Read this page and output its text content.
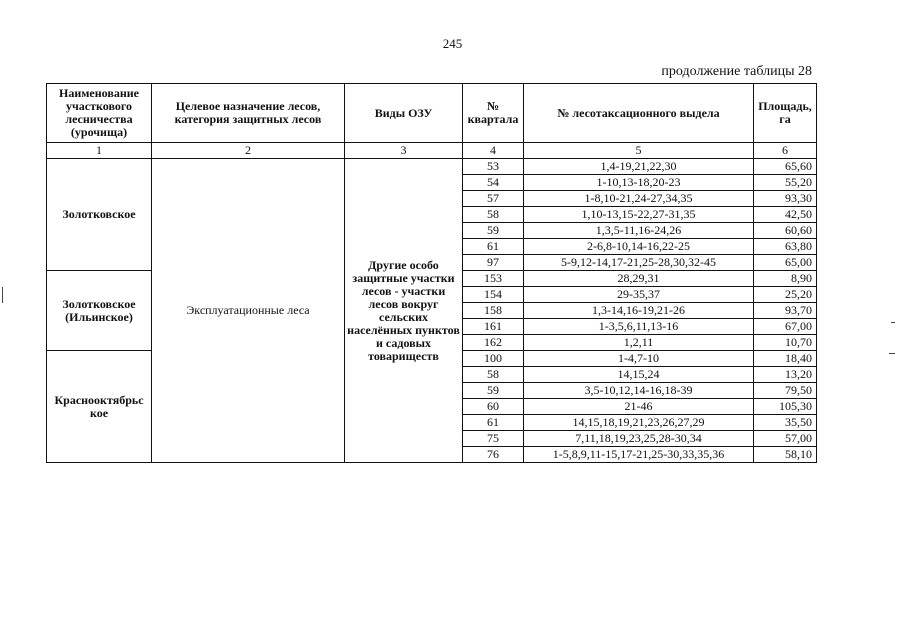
245
продолжение таблицы 28
Наименование участкового лесничества (урочища)	Целевое назначение лесов, категория защитных лесов	Виды ОЗУ	№ квартала	№ лесотаксационного выдела	Площадь, га
1	2	3	4	5	6
Золотковское	Эксплуатационные леса	Другие особо защитные участки лесов - участки лесов вокруг сельских населённых пунктов и садовых товариществ	53	1,4-19,21,22,30	65,60
			54	1-10,13-18,20-23	55,20
			57	1-8,10-21,24-27,34,35	93,30
			58	1,10-13,15-22,27-31,35	42,50
			59	1,3,5-11,16-24,26	60,60
			61	2-6,8-10,14-16,22-25	63,80
			97	5-9,12-14,17-21,25-28,30,32-45	65,00
Золотковское (Ильинское)			153	28,29,31	8,90
			154	29-35,37	25,20
			158	1,3-14,16-19,21-26	93,70
			161	1-3,5,6,11,13-16	67,00
			162	1,2,11	10,70
Краснооктябрьс кое			100	1-4,7-10	18,40
			58	14,15,24	13,20
			59	3,5-10,12,14-16,18-39	79,50
			60	21-46	105,30
			61	14,15,18,19,21,23,26,27,29	35,50
			75	7,11,18,19,23,25,28-30,34	57,00
			76	1-5,8,9,11-15,17-21,25-30,33,35,36	58,10
